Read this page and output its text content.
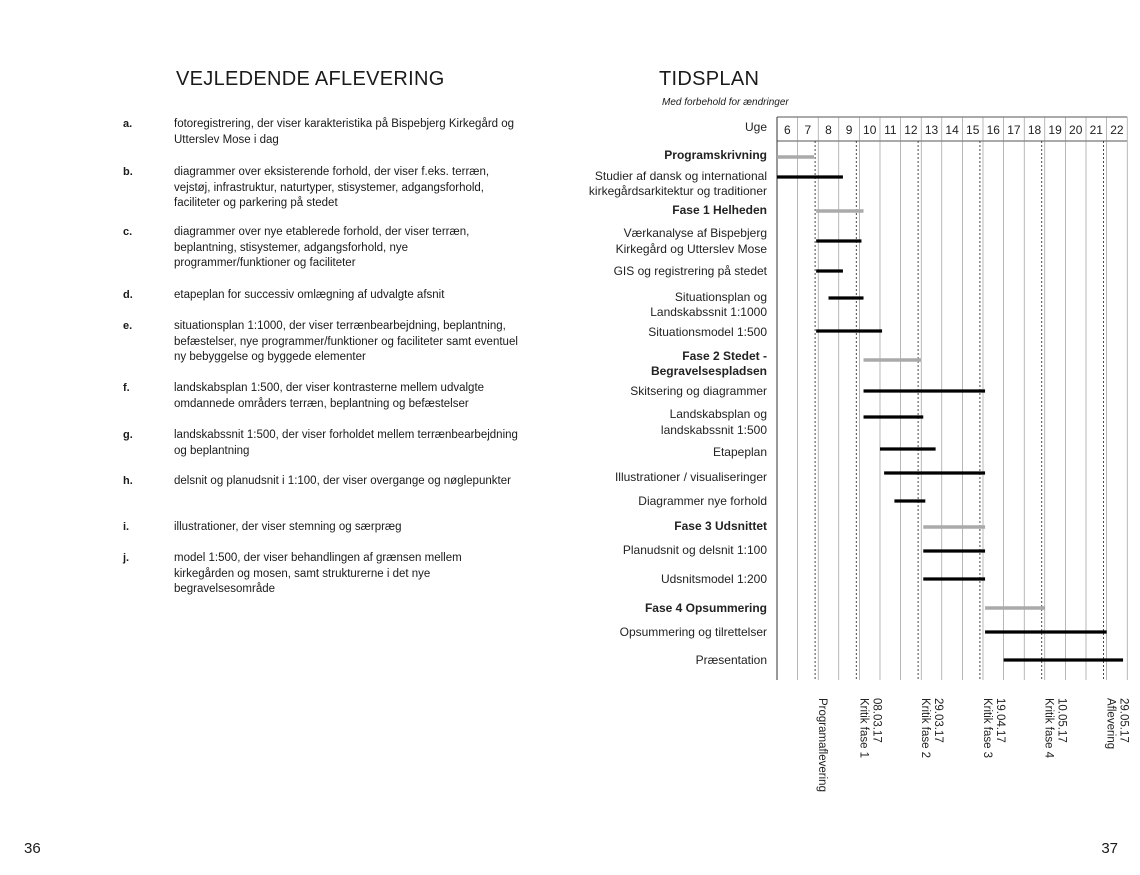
VEJLEDENDE AFLEVERING
a.	fotoregistrering, der viser karakteristika på Bispebjerg Kirkegård og Utterslev Mose i dag
b.	diagrammer over eksisterende forhold, der viser f.eks. terræn, vejstøj, infrastruktur, naturtyper, stisystemer, adgangsforhold, faciliteter og parkering på stedet
c.	diagrammer over nye etablerede forhold, der viser terræn, beplantning, stisystemer, adgangsforhold, nye programmer/funktioner og faciliteter
d.	etapeplan for successiv omlægning af udvalgte afsnit
e.	situationsplan 1:1000, der viser terrænbearbejdning, beplantning, befæstelser, nye programmer/funktioner og faciliteter samt eventuel ny bebyggelse og byggede elementer
f.	landskabsplan 1:500, der viser kontrasterne mellem udvalgte omdannede områders terræn, beplantning og befæstelser
g.	landskabssnit 1:500, der viser forholdet mellem terrænbearbejdning og beplantning
h.	delsnit og planudsnit i 1:100, der viser overgange og nøglepunkter
i.	illustrationer, der viser stemning og særpræg
j.	model 1:500, der viser behandlingen af grænsen mellem kirkegården og mosen, samt strukturerne i det nye begravelsesområde
TIDSPLAN
Med forbehold for ændringer
6 7 8 9 10 11 12 13 14 15 16 17 18 19 20 21 22
Uge
Programaflevering	Kritik fase 1 08.03.17	Kritik fase 2 29.03.17	Kritik fase 3 19.04.17	Kritik fase 4 10.05.17	Aflevering 29.05.17
Programskrivning
Studier af dansk og international
kirkegårdsarkitektur og traditioner
Fase 1 Helheden
Værkanalyse af Bispebjerg
Kirkegård og Utterslev Mose
GIS og registrering på stedet
Situationsplan og
Landskabssnit 1:1000
Situationsmodel 1:500
Fase 2 Stedet -
Begravelsespladsen
Skitsering og diagrammer
Landskabsplan og
landskabssnit 1:500
Etapeplan
Illustrationer / visualiseringer
Diagrammer nye forhold
Fase 3 Udsnittet
Planudsnit og delsnit 1:100
Udsnitsmodel 1:200
Fase 4 Opsummering
Opsummering og tilrettelser
Præsentation
36	37
